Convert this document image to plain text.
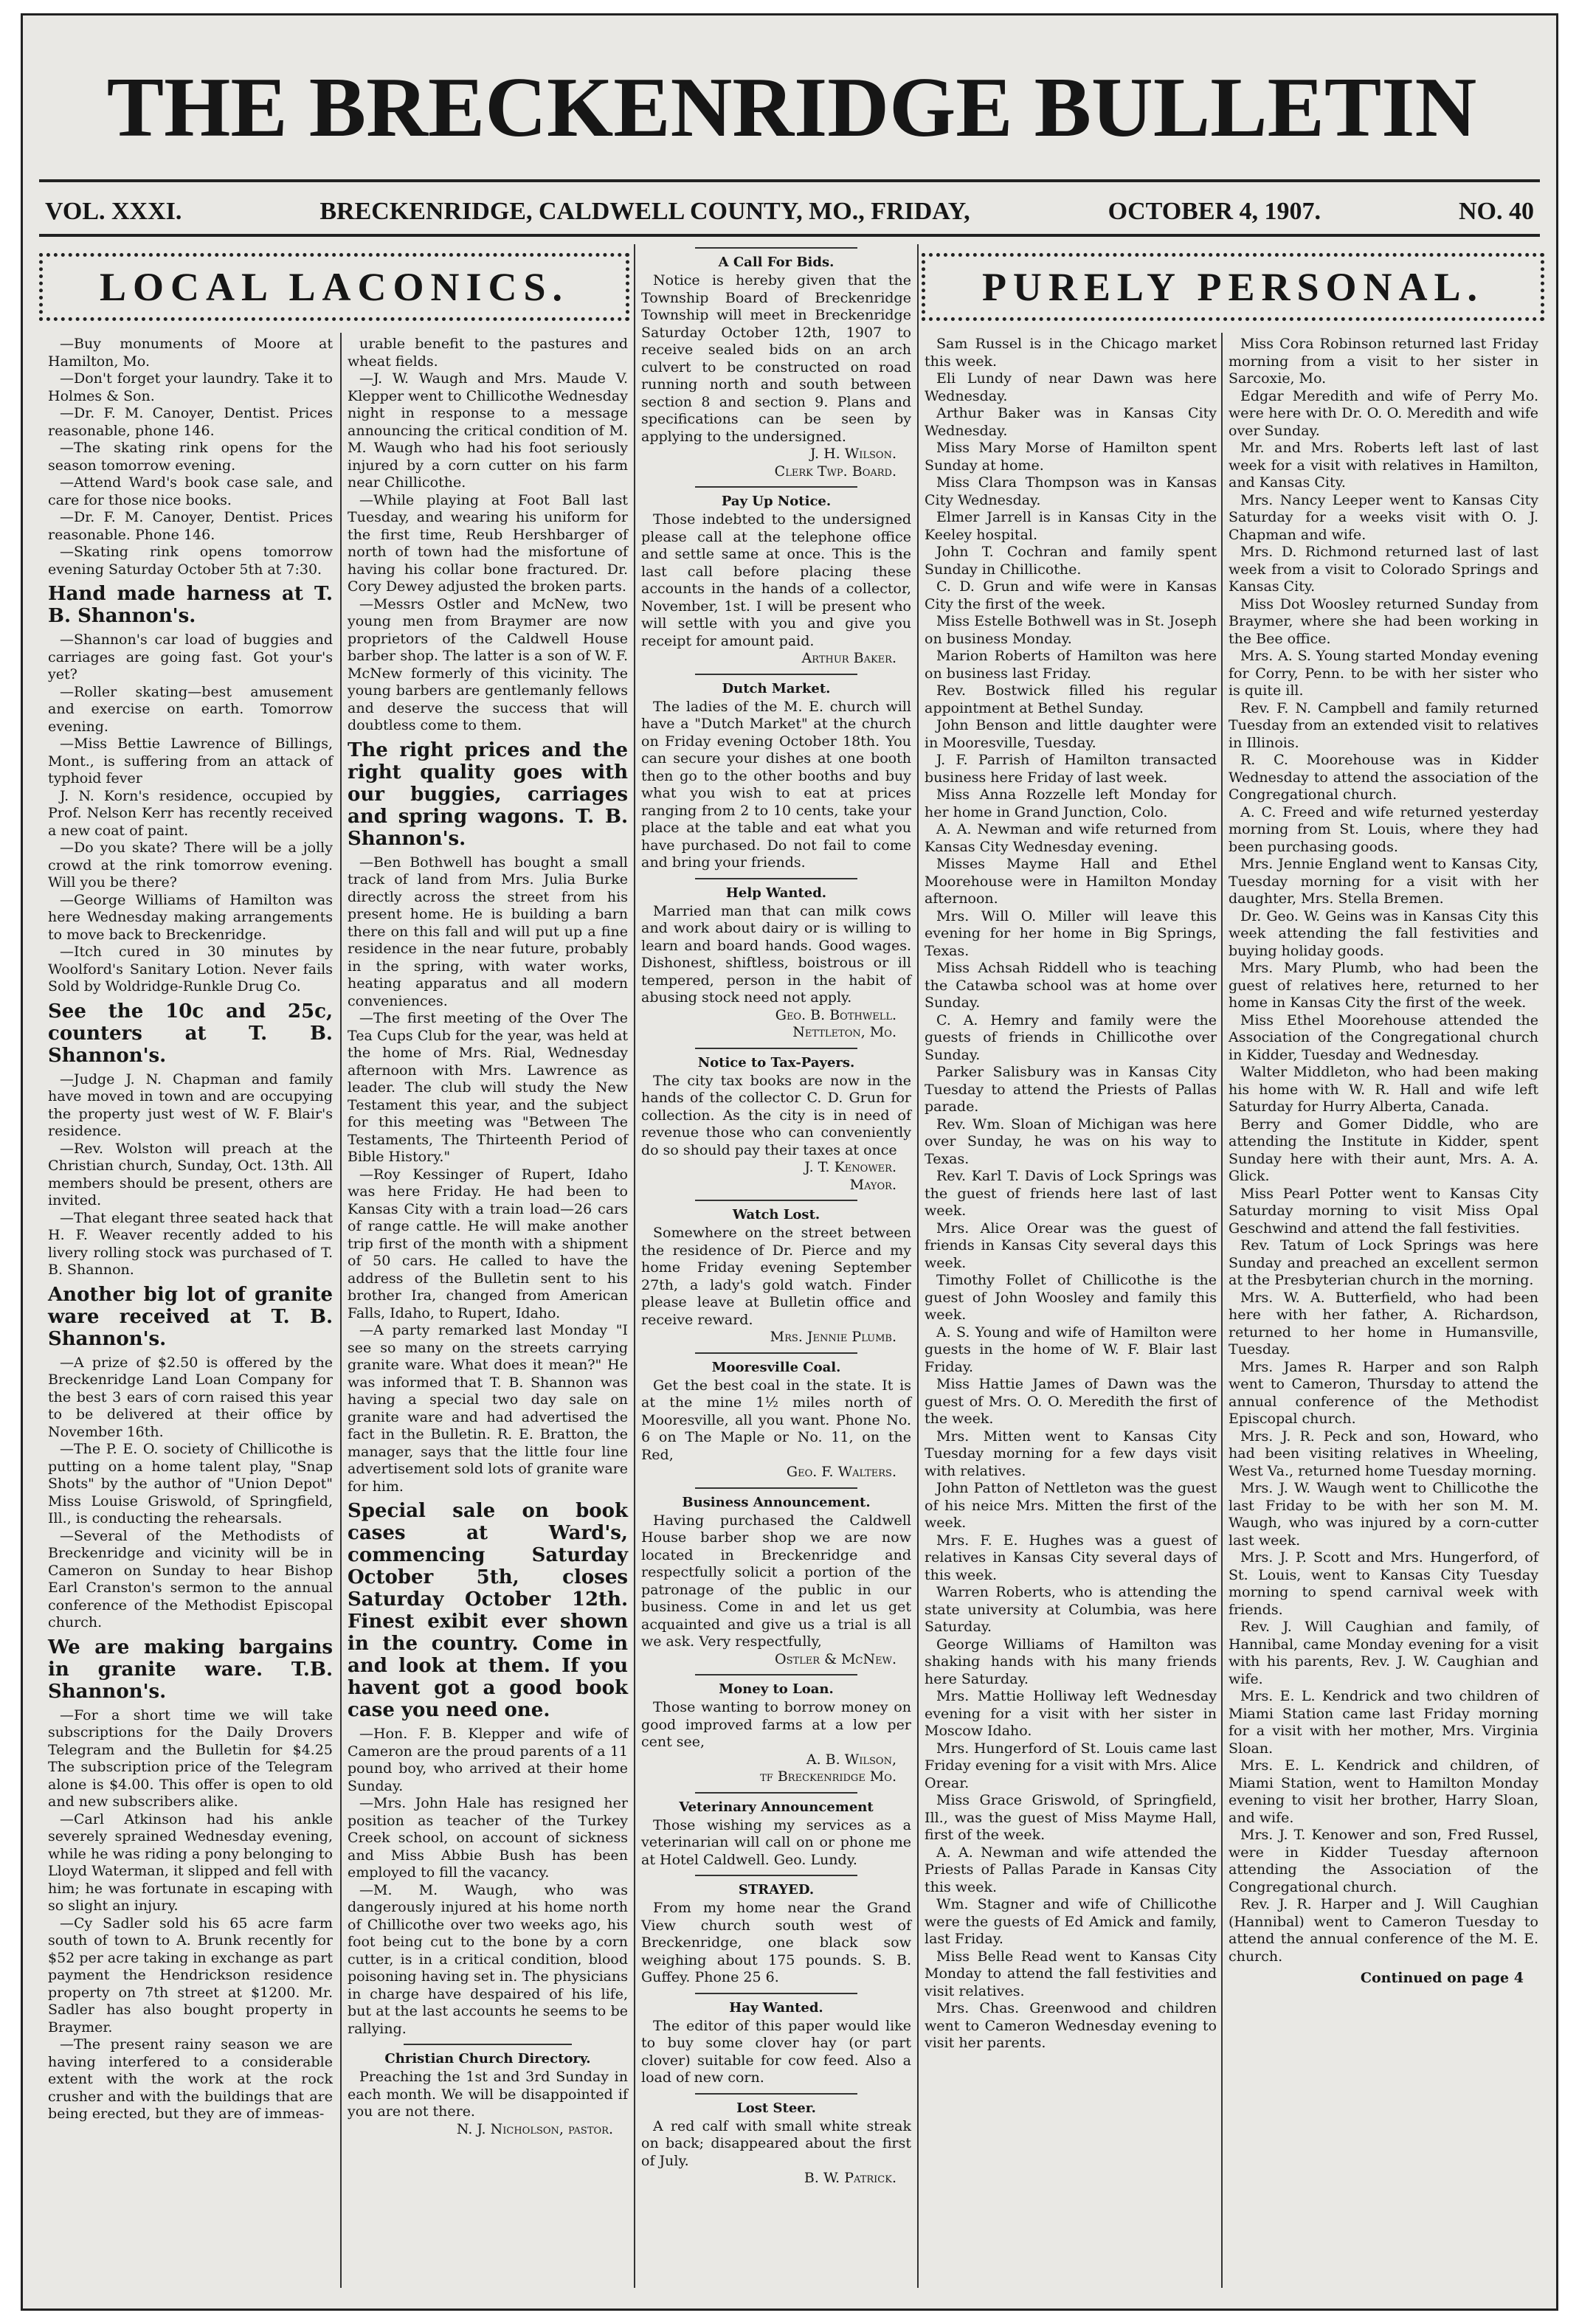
THE BRECKENRIDGE BULLETIN
VOL. XXXI.	BRECKENRIDGE, CALDWELL COUNTY, MO., FRIDAY,	OCTOBER 4, 1907.	NO. 40
LOCAL LACONICS.	PURELY PERSONAL.

—Buy monuments of Moore at Hamilton, Mo.

—Don't forget your laundry. Take it to Holmes & Son.

—Dr. F. M. Canoyer, Dentist. Prices reasonable, phone 146.

—The skating rink opens for the season tomorrow evening.

—Attend Ward's book case sale, and care for those nice books.

—Dr. F. M. Canoyer, Dentist. Prices reasonable. Phone 146.

—Skating rink opens tomorrow evening Saturday October 5th at 7:30.

Hand made harness at T. B. Shannon's.

—Shannon's car load of buggies and carriages are going fast. Got your's yet?

—Roller skating—best amusement and exercise on earth. Tomorrow evening.

—Miss Bettie Lawrence of Billings, Mont., is suffering from an attack of typhoid fever

J. N. Korn's residence, occupied by Prof. Nelson Kerr has recently received a new coat of paint.

—Do you skate? There will be a jolly crowd at the rink tomorrow evening. Will you be there?

—George Williams of Hamilton was here Wednesday making arrangements to move back to Breckenridge.

—Itch cured in 30 minutes by Woolford's Sanitary Lotion. Never fails Sold by Woldridge-Runkle Drug Co.

See the 10c and 25c, counters at T. B. Shannon's.

—Judge J. N. Chapman and family have moved in town and are occupying the property just west of W. F. Blair's residence.

—Rev. Wolston will preach at the Christian church, Sunday, Oct. 13th. All members should be present, others are invited.

—That elegant three seated hack that H. F. Weaver recently added to his livery rolling stock was purchased of T. B. Shannon.

Another big lot of granite ware received at T. B. Shannon's.

—A prize of $2.50 is offered by the Breckenridge Land Loan Company for the best 3 ears of corn raised this year to be delivered at their office by November 16th.

—The P. E. O. society of Chillicothe is putting on a home talent play, "Snap Shots" by the author of "Union Depot" Miss Louise Griswold, of Springfield, Ill., is conducting the rehearsals.

—Several of the Methodists of Breckenridge and vicinity will be in Cameron on Sunday to hear Bishop Earl Cranston's sermon to the annual conference of the Methodist Episcopal church.

We are making bargains in granite ware. T.B. Shannon's.

—For a short time we will take subscriptions for the Daily Drovers Telegram and the Bulletin for $4.25 The subscription price of the Telegram alone is $4.00. This offer is open to old and new subscribers alike.

—Carl Atkinson had his ankle severely sprained Wednesday evening, while he was riding a pony belonging to Lloyd Waterman, it slipped and fell with him; he was fortunate in escaping with so slight an injury.

—Cy Sadler sold his 65 acre farm south of town to A. Brunk recently for $52 per acre taking in exchange as part payment the Hendrickson residence property on 7th street at $1200. Mr. Sadler has also bought property in Braymer.

—The present rainy season we are having interfered to a considerable extent with the work at the rock crusher and with the buildings that are being erected, but they are of immeas-

urable benefit to the pastures and wheat fields.

—J. W. Waugh and Mrs. Maude V. Klepper went to Chillicothe Wednesday night in response to a message announcing the critical condition of M. M. Waugh who had his foot seriously injured by a corn cutter on his farm near Chillicothe.

—While playing at Foot Ball last Tuesday, and wearing his uniform for the first time, Reub Hershbarger of north of town had the misfortune of having his collar bone fractured. Dr. Cory Dewey adjusted the broken parts.

—Messrs Ostler and McNew, two young men from Braymer are now proprietors of the Caldwell House barber shop. The latter is a son of W. F. McNew formerly of this vicinity. The young barbers are gentlemanly fellows and deserve the success that will doubtless come to them.

The right prices and the right quality goes with our buggies, carriages and spring wagons. T. B. Shannon's.

—Ben Bothwell has bought a small track of land from Mrs. Julia Burke directly across the street from his present home. He is building a barn there on this fall and will put up a fine residence in the near future, probably in the spring, with water works, heating apparatus and all modern conveniences.

—The first meeting of the Over The Tea Cups Club for the year, was held at the home of Mrs. Rial, Wednesday afternoon with Mrs. Lawrence as leader. The club will study the New Testament this year, and the subject for this meeting was "Between The Testaments, The Thirteenth Period of Bible History."

—Roy Kessinger of Rupert, Idaho was here Friday. He had been to Kansas City with a train load—26 cars of range cattle. He will make another trip first of the month with a shipment of 50 cars. He called to have the address of the Bulletin sent to his brother Ira, changed from American Falls, Idaho, to Rupert, Idaho.

—A party remarked last Monday "I see so many on the streets carrying granite ware. What does it mean?" He was informed that T. B. Shannon was having a special two day sale on granite ware and had advertised the fact in the Bulletin. R. E. Bratton, the manager, says that the little four line advertisement sold lots of granite ware for him.

Special sale on book cases at Ward's, commencing Saturday October 5th, closes Saturday October 12th. Finest exibit ever shown in the country. Come in and look at them. If you havent got a good book case you need one.

—Hon. F. B. Klepper and wife of Cameron are the proud parents of a 11 pound boy, who arrived at their home Sunday.

—Mrs. John Hale has resigned her position as teacher of the Turkey Creek school, on account of sickness and Miss Abbie Bush has been employed to fill the vacancy.

—M. M. Waugh, who was dangerously injured at his home north of Chillicothe over two weeks ago, his foot being cut to the bone by a corn cutter, is in a critical condition, blood poisoning having set in. The physicians in charge have despaired of his life, but at the last accounts he seems to be rallying.

Christian Church Directory.

Preaching the 1st and 3rd Sunday in each month. We will be disappointed if you are not there.

N. J. Nicholson, pastor.

A Call For Bids.

Notice is hereby given that the Township Board of Breckenridge Township will meet in Breckenridge Saturday October 12th, 1907 to receive sealed bids on an arch culvert to be constructed on road running north and south between section 8 and section 9. Plans and specifications can be seen by applying to the undersigned.

J. H. Wilson.

Clerk Twp. Board.

Pay Up Notice.

Those indebted to the undersigned please call at the telephone office and settle same at once. This is the last call before placing these accounts in the hands of a collector, November, 1st. I will be present who will settle with you and give you receipt for amount paid.

Arthur Baker.

Dutch Market.

The ladies of the M. E. church will have a "Dutch Market" at the church on Friday evening October 18th. You can secure your dishes at one booth then go to the other booths and buy what you wish to eat at prices ranging from 2 to 10 cents, take your place at the table and eat what you have purchased. Do not fail to come and bring your friends.

Help Wanted.

Married man that can milk cows and work about dairy or is willing to learn and board hands. Good wages. Dishonest, shiftless, boistrous or ill tempered, person in the habit of abusing stock need not apply.

Geo. B. Bothwell.

Nettleton, Mo.

Notice to Tax-Payers.

The city tax books are now in the hands of the collector C. D. Grun for collection. As the city is in need of revenue those who can conveniently do so should pay their taxes at once

J. T. Kenower.

Mayor.

Watch Lost.

Somewhere on the street between the residence of Dr. Pierce and my home Friday evening September 27th, a lady's gold watch. Finder please leave at Bulletin office and receive reward.

Mrs. Jennie Plumb.

Mooresville Coal.

Get the best coal in the state. It is at the mine 1½ miles north of Mooresville, all you want. Phone No. 6 on The Maple or No. 11, on the Red,

Geo. F. Walters.

Business Announcement.

Having purchased the Caldwell House barber shop we are now located in Breckenridge and respectfully solicit a portion of the patronage of the public in our business. Come in and let us get acquainted and give us a trial is all we ask. Very respectfully,

Ostler & McNew.

Money to Loan.

Those wanting to borrow money on good improved farms at a low per cent see,

A. B. Wilson,

tf Breckenridge Mo.

Veterinary Announcement

Those wishing my services as a veterinarian will call on or phone me at Hotel Caldwell. Geo. Lundy.

STRAYED.

From my home near the Grand View church south west of Breckenridge, one black sow weighing about 175 pounds. S. B. Guffey. Phone 25 6.

Hay Wanted.

The editor of this paper would like to buy some clover hay (or part clover) suitable for cow feed. Also a load of new corn.

Lost Steer.

A red calf with small white streak on back; disappeared about the first of July.

B. W. Patrick.

Sam Russel is in the Chicago market this week.

Eli Lundy of near Dawn was here Wednesday.

Arthur Baker was in Kansas City Wednesday.

Miss Mary Morse of Hamilton spent Sunday at home.

Miss Clara Thompson was in Kansas City Wednesday.

Elmer Jarrell is in Kansas City in the Keeley hospital.

John T. Cochran and family spent Sunday in Chillicothe.

C. D. Grun and wife were in Kansas City the first of the week.

Miss Estelle Bothwell was in St. Joseph on business Monday.

Marion Roberts of Hamilton was here on business last Friday.

Rev. Bostwick filled his regular appointment at Bethel Sunday.

John Benson and little daughter were in Mooresville, Tuesday.

J. F. Parrish of Hamilton transacted business here Friday of last week.

Miss Anna Rozzelle left Monday for her home in Grand Junction, Colo.

A. A. Newman and wife returned from Kansas City Wednesday evening.

Misses Mayme Hall and Ethel Moorehouse were in Hamilton Monday afternoon.

Mrs. Will O. Miller will leave this evening for her home in Big Springs, Texas.

Miss Achsah Riddell who is teaching the Catawba school was at home over Sunday.

C. A. Hemry and family were the guests of friends in Chillicothe over Sunday.

Parker Salisbury was in Kansas City Tuesday to attend the Priests of Pallas parade.

Rev. Wm. Sloan of Michigan was here over Sunday, he was on his way to Texas.

Rev. Karl T. Davis of Lock Springs was the guest of friends here last of last week.

Mrs. Alice Orear was the guest of friends in Kansas City several days this week.

Timothy Follet of Chillicothe is the guest of John Woosley and family this week.

A. S. Young and wife of Hamilton were guests in the home of W. F. Blair last Friday.

Miss Hattie James of Dawn was the guest of Mrs. O. O. Meredith the first of the week.

Mrs. Mitten went to Kansas City Tuesday morning for a few days visit with relatives.

John Patton of Nettleton was the guest of his neice Mrs. Mitten the first of the week.

Mrs. F. E. Hughes was a guest of relatives in Kansas City several days of this week.

Warren Roberts, who is attending the state university at Columbia, was here Saturday.

George Williams of Hamilton was shaking hands with his many friends here Saturday.

Mrs. Mattie Holliway left Wednesday evening for a visit with her sister in Moscow Idaho.

Mrs. Hungerford of St. Louis came last Friday evening for a visit with Mrs. Alice Orear.

Miss Grace Griswold, of Springfield, Ill., was the guest of Miss Mayme Hall, first of the week.

A. A. Newman and wife attended the Priests of Pallas Parade in Kansas City this week.

Wm. Stagner and wife of Chillicothe were the guests of Ed Amick and family, last Friday.

Miss Belle Read went to Kansas City Monday to attend the fall festivities and visit relatives.

Mrs. Chas. Greenwood and children went to Cameron Wednesday evening to visit her parents.

Miss Cora Robinson returned last Friday morning from a visit to her sister in Sarcoxie, Mo.

Edgar Meredith and wife of Perry Mo. were here with Dr. O. O. Meredith and wife over Sunday.

Mr. and Mrs. Roberts left last of last week for a visit with relatives in Hamilton, and Kansas City.

Mrs. Nancy Leeper went to Kansas City Saturday for a weeks visit with O. J. Chapman and wife.

Mrs. D. Richmond returned last of last week from a visit to Colorado Springs and Kansas City.

Miss Dot Woosley returned Sunday from Braymer, where she had been working in the Bee office.

Mrs. A. S. Young started Monday evening for Corry, Penn. to be with her sister who is quite ill.

Rev. F. N. Campbell and family returned Tuesday from an extended visit to relatives in Illinois.

R. C. Moorehouse was in Kidder Wednesday to attend the association of the Congregational church.

A. C. Freed and wife returned yesterday morning from St. Louis, where they had been purchasing goods.

Mrs. Jennie England went to Kansas City, Tuesday morning for a visit with her daughter, Mrs. Stella Bremen.

Dr. Geo. W. Geins was in Kansas City this week attending the fall festivities and buying holiday goods.

Mrs. Mary Plumb, who had been the guest of relatives here, returned to her home in Kansas City the first of the week.

Miss Ethel Moorehouse attended the Association of the Congregational church in Kidder, Tuesday and Wednesday.

Walter Middleton, who had been making his home with W. R. Hall and wife left Saturday for Hurry Alberta, Canada.

Berry and Gomer Diddle, who are attending the Institute in Kidder, spent Sunday here with their aunt, Mrs. A. A. Glick.

Miss Pearl Potter went to Kansas City Saturday morning to visit Miss Opal Geschwind and attend the fall festivities.

Rev. Tatum of Lock Springs was here Sunday and preached an excellent sermon at the Presbyterian church in the morning.

Mrs. W. A. Butterfield, who had been here with her father, A. Richardson, returned to her home in Humansville, Tuesday.

Mrs. James R. Harper and son Ralph went to Cameron, Thursday to attend the annual conference of the Methodist Episcopal church.

Mrs. J. R. Peck and son, Howard, who had been visiting relatives in Wheeling, West Va., returned home Tuesday morning.

Mrs. J. W. Waugh went to Chillicothe the last Friday to be with her son M. M. Waugh, who was injured by a corn-cutter last week.

Mrs. J. P. Scott and Mrs. Hungerford, of St. Louis, went to Kansas City Tuesday morning to spend carnival week with friends.

Rev. J. Will Caughian and family, of Hannibal, came Monday evening for a visit with his parents, Rev. J. W. Caughian and wife.

Mrs. E. L. Kendrick and two children of Miami Station came last Friday morning for a visit with her mother, Mrs. Virginia Sloan.

Mrs. E. L. Kendrick and children, of Miami Station, went to Hamilton Monday evening to visit her brother, Harry Sloan, and wife.

Mrs. J. T. Kenower and son, Fred Russel, were in Kidder Tuesday afternoon attending the Association of the Congregational church.

Rev. J. R. Harper and J. Will Caughian (Hannibal) went to Cameron Tuesday to attend the annual conference of the M. E. church.

Continued on page 4
